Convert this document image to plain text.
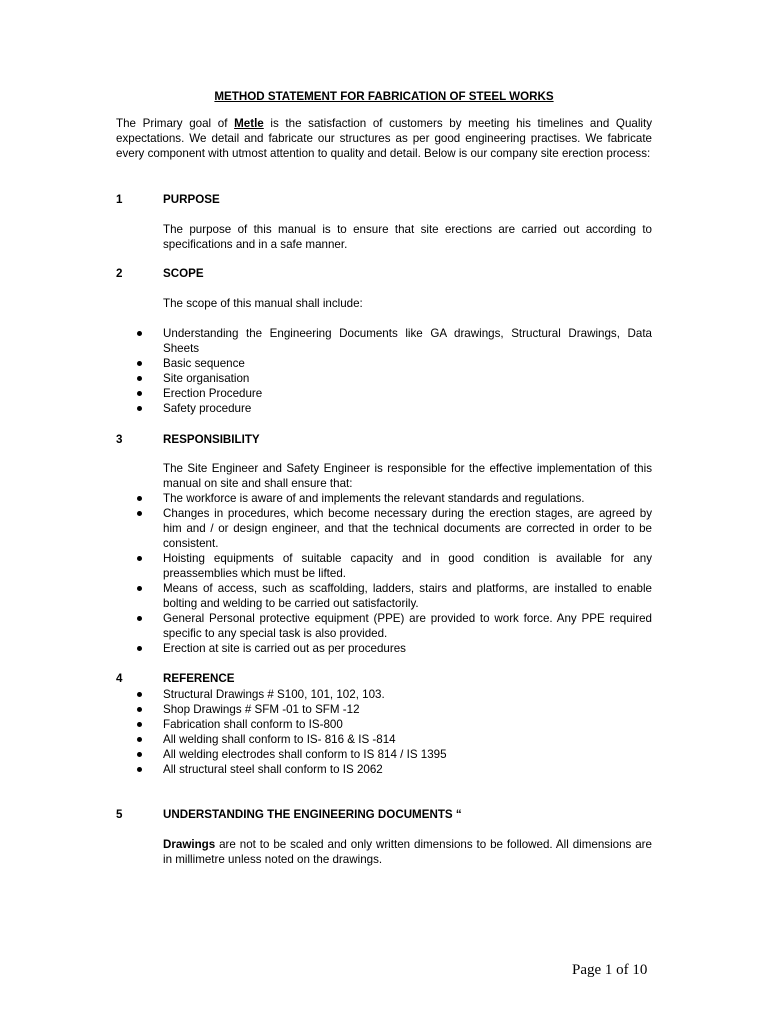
METHOD STATEMENT FOR FABRICATION OF STEEL WORKS
The Primary goal of Metle is the satisfaction of customers by meeting his timelines and Quality expectations. We detail and fabricate our structures as per good engineering practises. We fabricate every component with utmost attention to quality and detail. Below is our company site erection process:
1	PURPOSE
The purpose of this manual is to ensure that site erections are carried out according to specifications and in a safe manner.
2	SCOPE
The scope of this manual shall include:
Understanding the Engineering Documents like GA drawings, Structural Drawings, Data Sheets
Basic sequence
Site organisation
Erection Procedure
Safety procedure
3	RESPONSIBILITY
The Site Engineer and Safety Engineer is responsible for the effective implementation of this manual on site and shall ensure that:
The workforce is aware of and implements the relevant standards and regulations.
Changes in procedures, which become necessary during the erection stages, are agreed by him and / or design engineer, and that the technical documents are corrected in order to be consistent.
Hoisting equipments of suitable capacity and in good condition is available for any preassemblies which must be lifted.
Means of access, such as scaffolding, ladders, stairs and platforms, are installed to enable bolting and welding to be carried out satisfactorily.
General Personal protective equipment (PPE) are provided to work force. Any PPE required specific to any special task is also provided.
Erection at site is carried out as per procedures
4	REFERENCE
Structural Drawings # S100, 101, 102, 103.
Shop Drawings # SFM -01 to SFM -12
Fabrication shall conform to IS-800
All welding shall conform to IS- 816 & IS -814
All welding electrodes shall conform to IS 814 / IS 1395
All structural steel shall conform to IS 2062
5	UNDERSTANDING THE ENGINEERING DOCUMENTS “
Drawings are not to be scaled and only written dimensions to be followed. All dimensions are in millimetre unless noted on the drawings.
Page 1 of 10
